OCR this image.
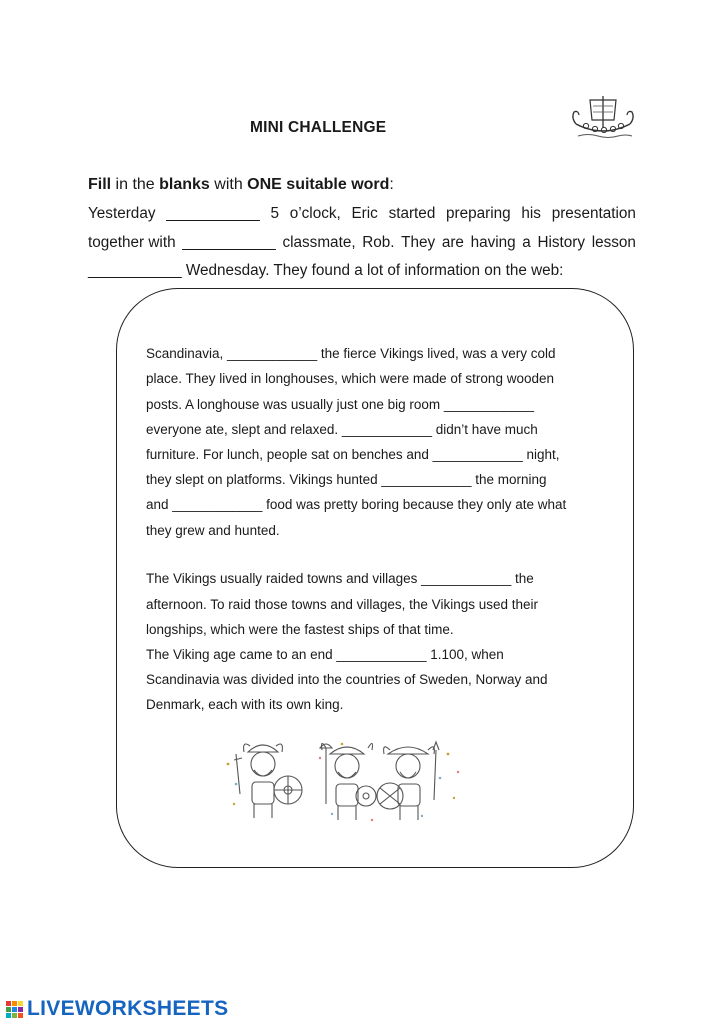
MINI CHALLENGE
Fill in the blanks with ONE suitable word:
Yesterday ___________ 5 o’clock, Eric started preparing his presentation
together with ___________ classmate, Rob. They are having a History lesson
___________ Wednesday. They found a lot of information on the web:
Scandinavia, ____________ the fierce Vikings lived, was a very cold
place. They lived in longhouses, which were made of strong wooden
posts. A longhouse was usually just one big room ____________
everyone ate, slept and relaxed. ____________ didn’t have much
furniture. For lunch, people sat on benches and ____________ night,
they slept on platforms. Vikings hunted ____________ the morning
and ____________ food was pretty boring because they only ate what
they grew and hunted.
The Vikings usually raided towns and villages ____________ the
afternoon. To raid those towns and villages, the Vikings used their
longships, which were the fastest ships of that time.
The Viking age came to an end ____________ 1.100, when
Scandinavia was divided into the countries of Sweden, Norway and
Denmark, each with its own king.
LIVEWORKSHEETS
